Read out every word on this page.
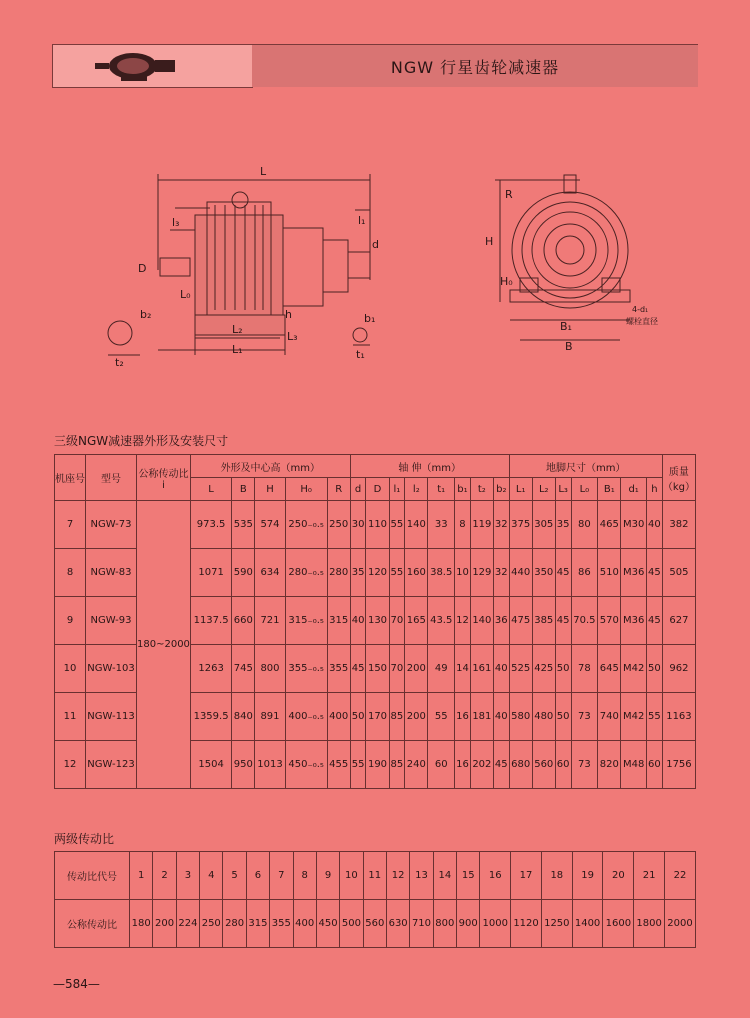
NGW 行星齿轮减速器
L
l₃	l₁
D
d
b₂
t₂
L₂
L₁
L₃
L₀
h	b₁
t₁
R
H
H₀
B₁
B
4-d₁
螺栓直径
三级NGW减速器外形及安装尺寸
机座号	型号	公称传动比 i	外形及中心高（mm）					轴 伸（mm）								地脚尺寸（mm）							质量（kg）
			L	B	H	H₀	R	d	D	l₁	l₂	t₁	b₁	t₂	b₂	L₁	L₂	L₃	L₀	B₁	d₁	h	
7	NGW-73	180~2000	973.5	535	574	250₋₀.₅	250	30	110	55	140	33	8	119	32	375	305	35	80	465	M30	40	382
8	NGW-83		1071	590	634	280₋₀.₅	280	35	120	55	160	38.5	10	129	32	440	350	45	86	510	M36	45	505
9	NGW-93		1137.5	660	721	315₋₀.₅	315	40	130	70	165	43.5	12	140	36	475	385	45	70.5	570	M36	45	627
10	NGW-103		1263	745	800	355₋₀.₅	355	45	150	70	200	49	14	161	40	525	425	50	78	645	M42	50	962
11	NGW-113		1359.5	840	891	400₋₀.₅	400	50	170	85	200	55	16	181	40	580	480	50	73	740	M42	55	1163
12	NGW-123		1504	950	1013	450₋₀.₅	455	55	190	85	240	60	16	202	45	680	560	60	73	820	M48	60	1756
两级传动比
传动比代号	1	2	3	4	5	6	7	8	9	10	11	12	13	14	15	16	17	18	19	20	21	22
公称传动比	180	200	224	250	280	315	355	400	450	500	560	630	710	800	900	1000	1120	1250	1400	1600	1800	2000
—584—
